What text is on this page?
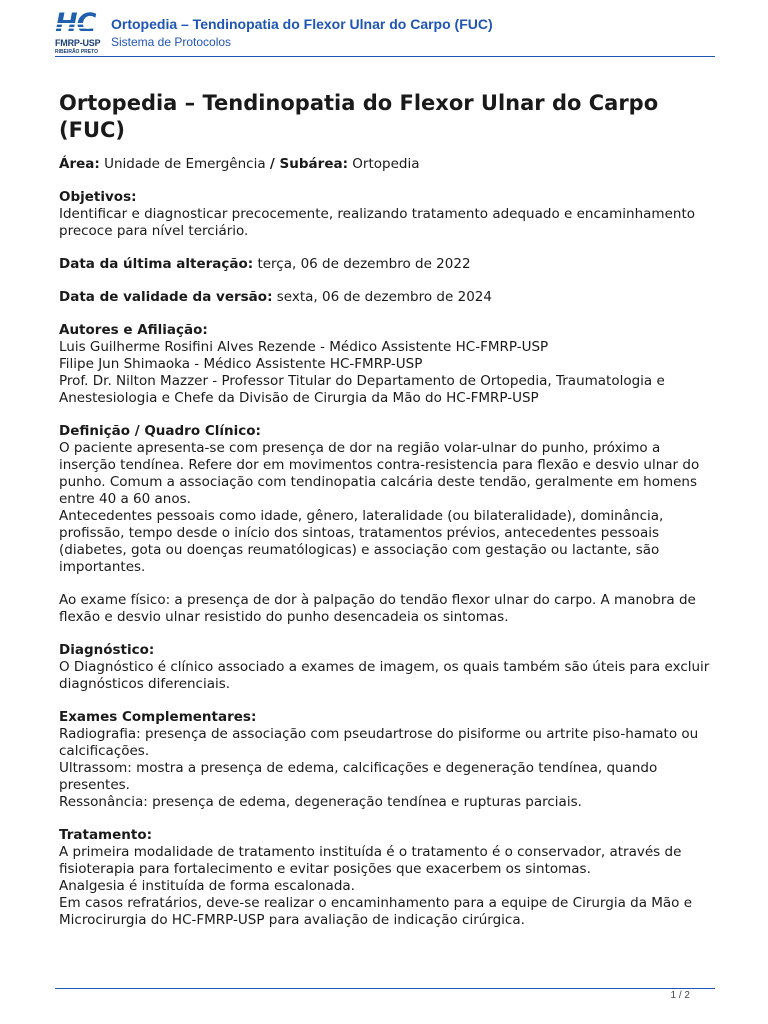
FMRP-USP
RIBEIRÃO PRETO
Ortopedia – Tendinopatia do Flexor Ulnar do Carpo (FUC)
Sistema de Protocolos
Ortopedia – Tendinopatia do Flexor Ulnar do Carpo (FUC)

Área: Unidade de Emergência / Subárea: Ortopedia

Objetivos:
Identificar e diagnosticar precocemente, realizando tratamento adequado e encaminhamento precoce para nível terciário.

Data da última alteração: terça, 06 de dezembro de 2022

Data de validade da versão: sexta, 06 de dezembro de 2024

Autores e Afiliação:
Luis Guilherme Rosifini Alves Rezende - Médico Assistente HC-FMRP-USP
Filipe Jun Shimaoka - Médico Assistente HC-FMRP-USP
Prof. Dr. Nilton Mazzer - Professor Titular do Departamento de Ortopedia, Traumatologia e Anestesiologia e Chefe da Divisão de Cirurgia da Mão do HC-FMRP-USP

Definição / Quadro Clínico:
O paciente apresenta-se com presença de dor na região volar-ulnar do punho, próximo a inserção tendínea. Refere dor em movimentos contra-resistencia para flexão e desvio ulnar do punho. Comum a associação com tendinopatia calcária deste tendão, geralmente em homens entre 40 a 60 anos.
Antecedentes pessoais como idade, gênero, lateralidade (ou bilateralidade), dominância, profissão, tempo desde o início dos sintoas, tratamentos prévios, antecedentes pessoais (diabetes, gota ou doenças reumatólogicas) e associação com gestação ou lactante, são importantes.

Ao exame físico: a presença de dor à palpação do tendão flexor ulnar do carpo. A manobra de flexão e desvio ulnar resistido do punho desencadeia os sintomas.

Diagnóstico:
O Diagnóstico é clínico associado a exames de imagem, os quais também são úteis para excluir diagnósticos diferenciais.

Exames Complementares:
Radiografia: presença de associação com pseudartrose do pisiforme ou artrite piso-hamato ou calcificações.
Ultrassom: mostra a presença de edema, calcificações e degeneração tendínea, quando presentes.
Ressonância: presença de edema, degeneração tendínea e rupturas parciais.

Tratamento:
A primeira modalidade de tratamento instituída é o tratamento é o conservador, através de fisioterapia para fortalecimento e evitar posições que exacerbem os sintomas.
Analgesia é instituída de forma escalonada.
Em casos refratários, deve-se realizar o encaminhamento para a equipe de Cirurgia da Mão e Microcirurgia do HC-FMRP-USP para avaliação de indicação cirúrgica.

1 / 2
